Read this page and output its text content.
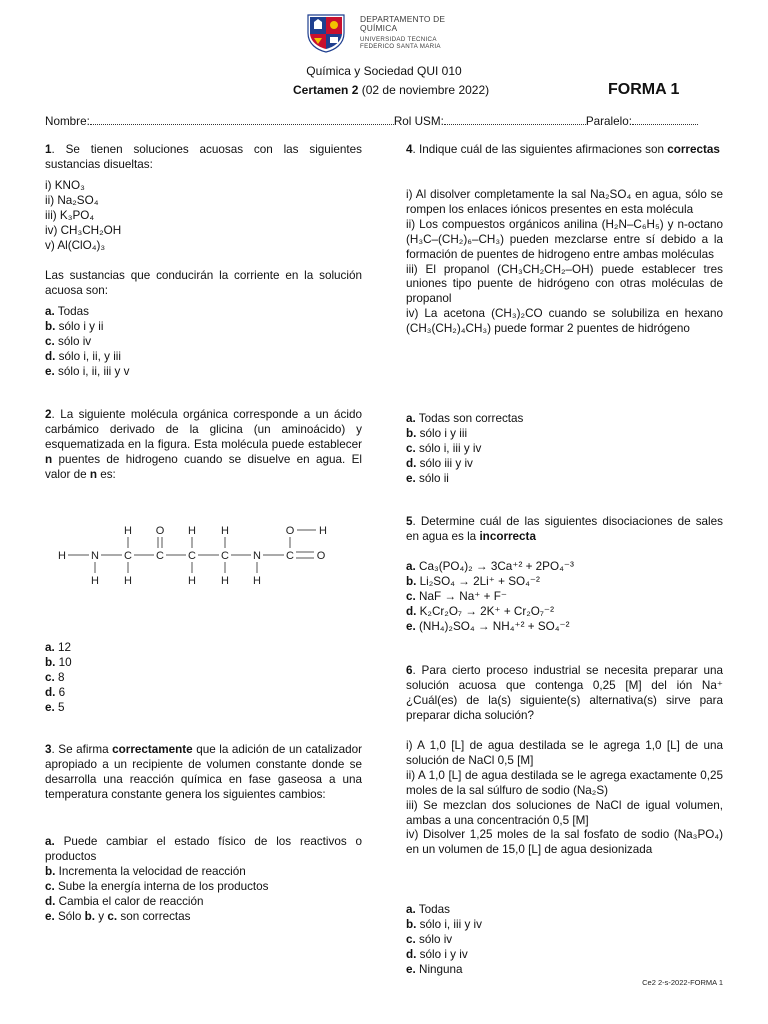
DEPARTAMENTO DE
QUÍMICA
UNIVERSIDAD TECNICA
FEDERICO SANTA MARIA
Química y Sociedad QUI 010
Certamen 2 (02 de noviembre 2022)	FORMA 1
Nombre:	Rol USM:	Paralelo:
1. Se tienen soluciones acuosas con las siguientes sustancias disueltas:
i) KNO₃
ii) Na₂SO₄
iii) K₃PO₄
iv) CH₃CH₂OH
v) Al(ClO₄)₃
Las sustancias que conducirán la corriente en la solución acuosa son:
a. Todas
b. sólo i y ii
c. sólo iv
d. sólo i, ii, y iii
e. sólo i, ii, iii y v
2. La siguiente molécula orgánica corresponde a un ácido carbámico derivado de la glicina (un aminoácido) y esquematizada en la figura. Esta molécula puede establecer n puentes de hidrogeno cuando se disuelve en agua. El valor de n es:
H N C C C C N C O
H O H H	O H
H H	H H H
a. 12
b. 10
c. 8
d. 6
e. 5
3. Se afirma correctamente que la adición de un catalizador apropiado a un recipiente de volumen constante donde se desarrolla una reacción química en fase gaseosa a una temperatura constante genera los siguientes cambios:
a. Puede cambiar el estado físico de los reactivos o productos
b. Incrementa la velocidad de reacción
c. Sube la energía interna de los productos
d. Cambia el calor de reacción
e. Sólo b. y c. son correctas
4. Indique cuál de las siguientes afirmaciones son correctas
i) Al disolver completamente la sal Na₂SO₄ en agua, sólo se rompen los enlaces iónicos presentes en esta molécula
ii) Los compuestos orgánicos anilina (H₂N–C₆H₅) y n-octano (H₃C–(CH₂)₆–CH₃) pueden mezclarse entre sí debido a la formación de puentes de hidrogeno entre ambas moléculas
iii) El propanol (CH₃CH₂CH₂–OH) puede establecer tres uniones tipo puente de hidrógeno con otras moléculas de propanol
iv) La acetona (CH₃)₂CO cuando se solubiliza en hexano (CH₃(CH₂)₄CH₃) puede formar 2 puentes de hidrógeno
a. Todas son correctas
b. sólo i y iii
c. sólo i, iii y iv
d. sólo iii y iv
e. sólo ii
5. Determine cuál de las siguientes disociaciones de sales en agua es la incorrecta
a. Ca₃(PO₄)₂ → 3Ca⁺² + 2PO₄⁻³
b. Li₂SO₄ → 2Li⁺ + SO₄⁻²
c. NaF → Na⁺ + F⁻
d. K₂Cr₂O₇ → 2K⁺ + Cr₂O₇⁻²
e. (NH₄)₂SO₄ → NH₄⁺² + SO₄⁻²
6. Para cierto proceso industrial se necesita preparar una solución acuosa que contenga 0,25 [M] del ión Na⁺ ¿Cuál(es) de la(s) siguiente(s) alternativa(s) sirve para preparar dicha solución?
i) A 1,0 [L] de agua destilada se le agrega 1,0 [L] de una solución de NaCl 0,5 [M]
ii) A 1,0 [L] de agua destilada se le agrega exactamente 0,25 moles de la sal súlfuro de sodio (Na₂S)
iii) Se mezclan dos soluciones de NaCl de igual volumen, ambas a una concentración 0,5 [M]
iv) Disolver 1,25 moles de la sal fosfato de sodio (Na₃PO₄) en un volumen de 15,0 [L] de agua desionizada
a. Todas
b. sólo i, iii y iv
c. sólo iv
d. sólo i y iv
e. Ninguna
Ce2 2-s-2022-FORMA 1
